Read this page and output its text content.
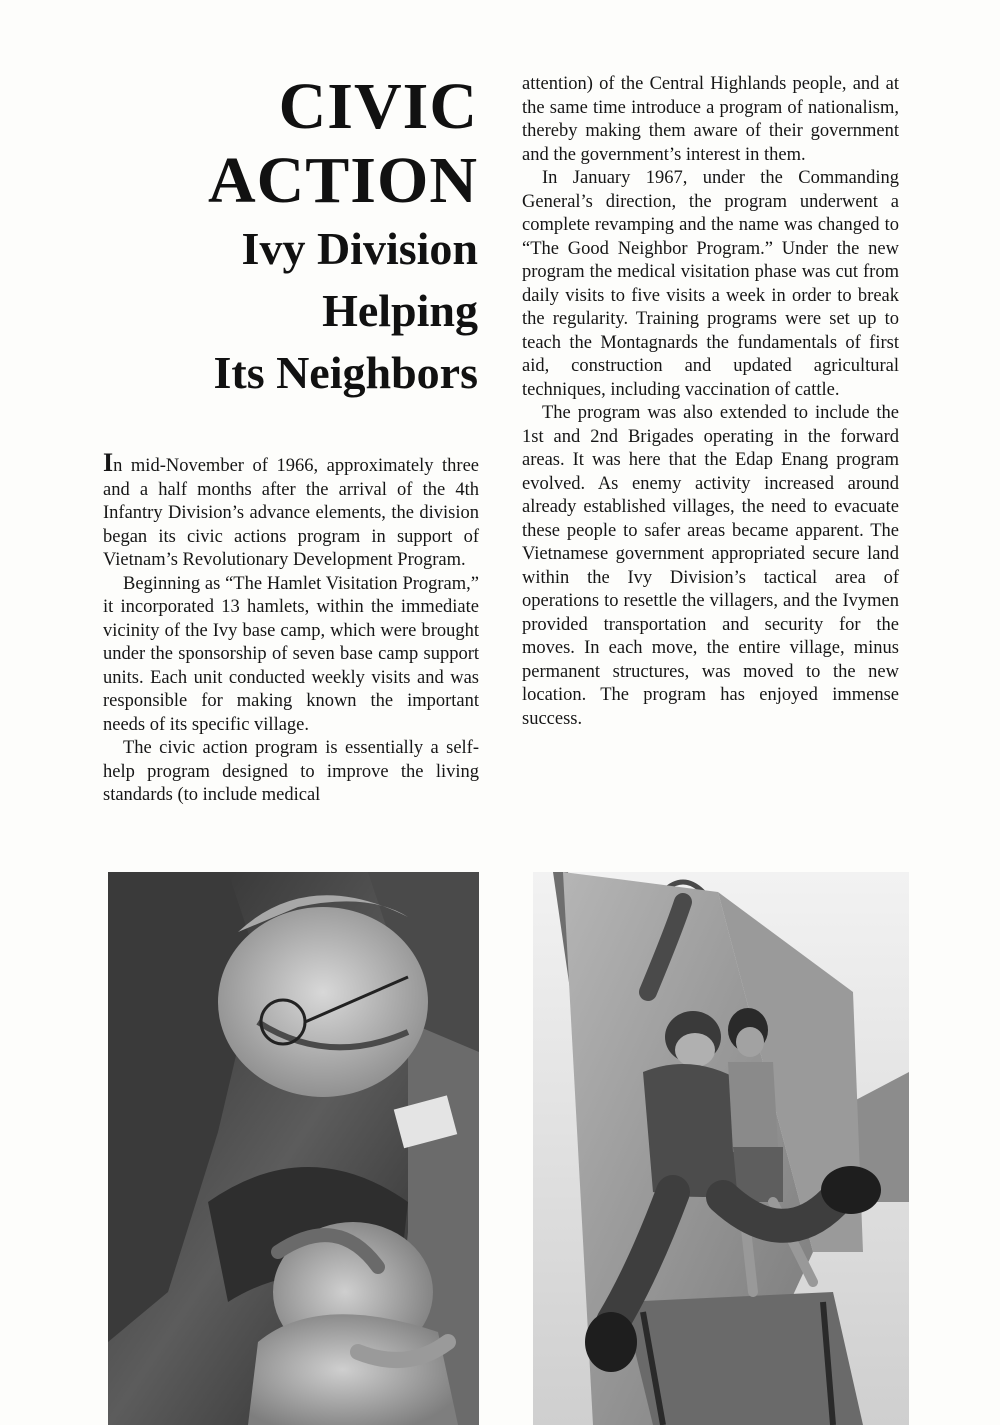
CIVIC
ACTION
Ivy Division
Helping
Its Neighbors

In mid-November of 1966, approximately three and a half months after the arrival of the 4th Infantry Division’s advance elements, the division began its civic actions program in support of Vietnam’s Revolutionary Development Program.

Beginning as “The Hamlet Visitation Program,” it incorporated 13 hamlets, within the immediate vicinity of the Ivy base camp, which were brought under the sponsorship of seven base camp support units. Each unit conducted weekly visits and was responsible for making known the important needs of its specific village.

The civic action program is essentially a self-help program designed to improve the living standards (to include medical

attention) of the Central Highlands people, and at the same time introduce a program of nationalism, thereby making them aware of their government and the government’s interest in them.

In January 1967, under the Commanding General’s direction, the program underwent a complete revamping and the name was changed to “The Good Neighbor Program.” Under the new program the medical visitation phase was cut from daily visits to five visits a week in order to break the regularity. Training programs were set up to teach the Montagnards the fundamentals of first aid, construction and updated agricultural techniques, including vaccination of cattle.

The program was also extended to include the 1st and 2nd Brigades operating in the forward areas. It was here that the Edap Enang program evolved. As enemy activity increased around already established villages, the need to evacuate these people to safer areas became apparent. The Vietnamese government appropriated secure land within the Ivy Division’s tactical area of operations to resettle the villagers, and the Ivymen provided transportation and security for the moves. In each move, the entire village, minus permanent structures, was moved to the new location. The program has enjoyed immense success.
